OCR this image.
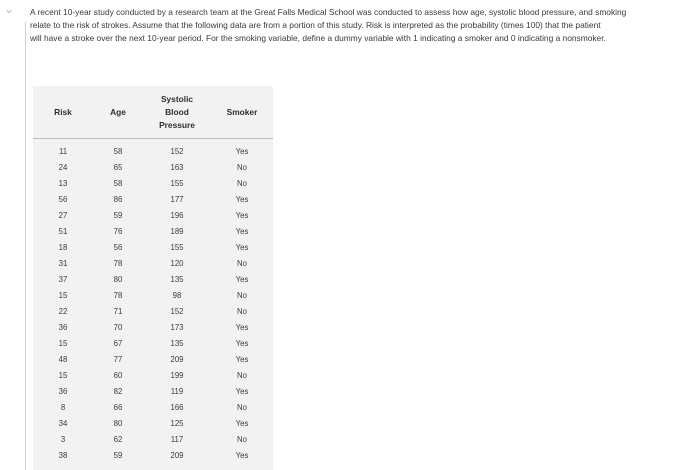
⌄	A recent 10-year study conducted by a research team at the Great Falls Medical School was conducted to assess how age, systolic blood pressure, and smoking
relate to the risk of strokes. Assume that the following data are from a portion of this study. Risk is interpreted as the probability (times 100) that the patient
will have a stroke over the next 10-year period. For the smoking variable, define a dummy variable with 1 indicating a smoker and 0 indicating a nonsmoker.
Risk	Age	Systolic
Blood
Pressure	Smoker
11	58	152	Yes
24	65	163	No
13	58	155	No
56	86	177	Yes
27	59	196	Yes
51	76	189	Yes
18	56	155	Yes
31	78	120	No
37	80	135	Yes
15	78	98	No
22	71	152	No
36	70	173	Yes
15	67	135	Yes
48	77	209	Yes
15	60	199	No
36	82	119	Yes
8	66	166	No
34	80	125	Yes
3	62	117	No
38	59	209	Yes
